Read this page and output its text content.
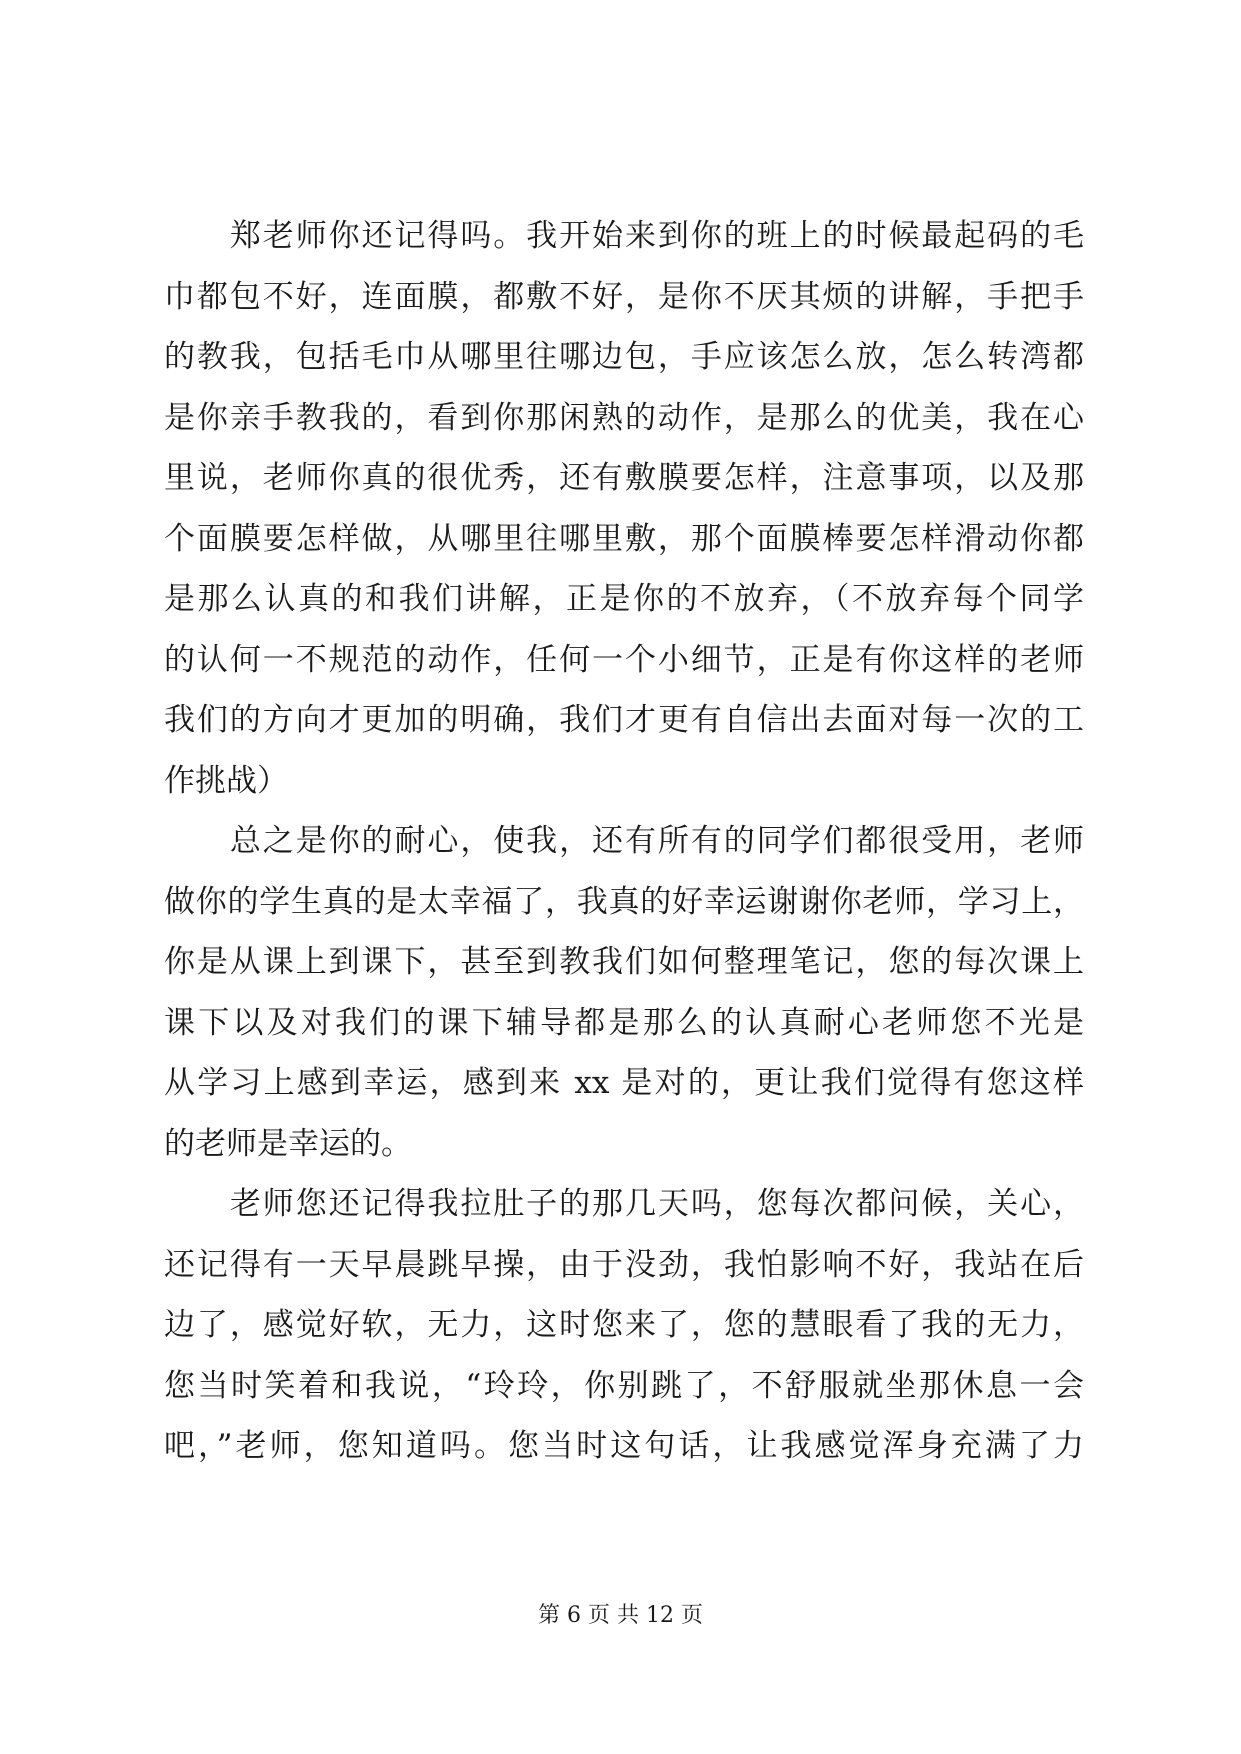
　　郑老师你还记得吗。我开始来到你的班上的时候最起码的毛
巾都包不好，连面膜，都敷不好，是你不厌其烦的讲解，手把手
的教我，包括毛巾从哪里往哪边包，手应该怎么放，怎么转湾都
是你亲手教我的，看到你那闲熟的动作，是那么的优美，我在心
里说，老师你真的很优秀，还有敷膜要怎样，注意事项，以及那
个面膜要怎样做，从哪里往哪里敷，那个面膜棒要怎样滑动你都
是那么认真的和我们讲解，正是你的不放弃，（不放弃每个同学
的认何一不规范的动作，任何一个小细节，正是有你这样的老师
我们的方向才更加的明确，我们才更有自信出去面对每一次的工
作挑战）
　　总之是你的耐心，使我，还有所有的同学们都很受用，老师
做你的学生真的是太幸福了，我真的好幸运谢谢你老师，学习上，
你是从课上到课下，甚至到教我们如何整理笔记，您的每次课上
课下以及对我们的课下辅导都是那么的认真耐心老师您不光是
从学习上感到幸运，感到来 xx 是对的，更让我们觉得有您这样
的老师是幸运的。
　　老师您还记得我拉肚子的那几天吗，您每次都问候，关心，
还记得有一天早晨跳早操，由于没劲，我怕影响不好，我站在后
边了，感觉好软，无力，这时您来了，您的慧眼看了我的无力，
您当时笑着和我说，“玲玲，你别跳了，不舒服就坐那休息一会
吧，”老师，您知道吗。您当时这句话，让我感觉浑身充满了力
第 6 页 共 12 页
